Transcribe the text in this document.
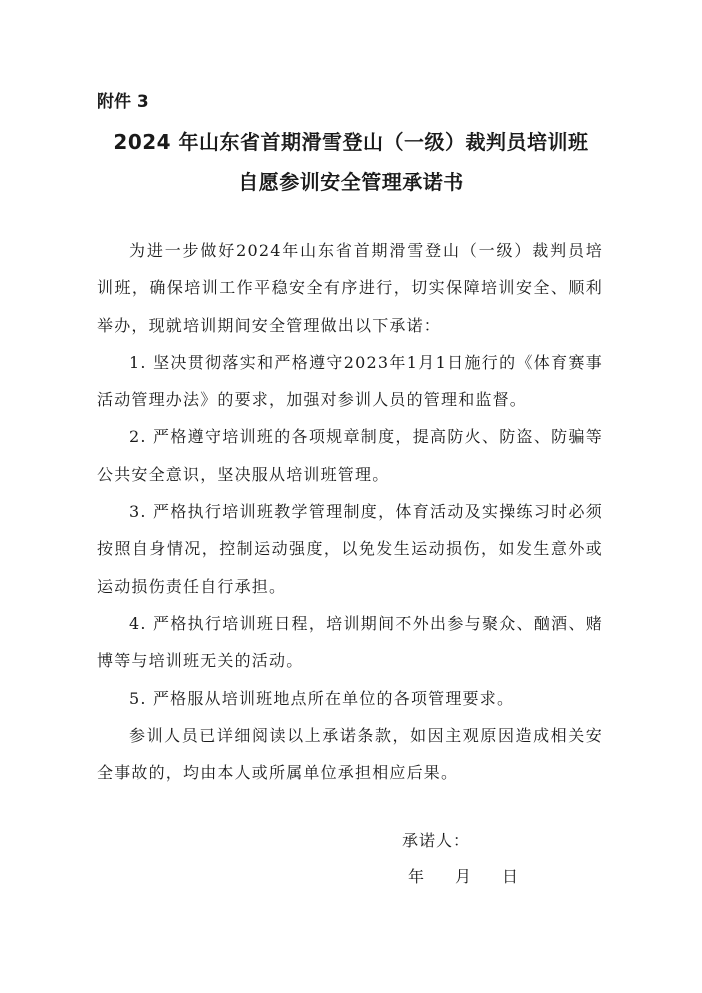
附件 3
2024 年山东省首期滑雪登山（一级）裁判员培训班
自愿参训安全管理承诺书

为进一步做好2024年山东省首期滑雪登山（一级）裁判员培训班，确保培训工作平稳安全有序进行，切实保障培训安全、顺利举办，现就培训期间安全管理做出以下承诺：

1. 坚决贯彻落实和严格遵守2023年1月1日施行的《体育赛事活动管理办法》的要求，加强对参训人员的管理和监督。

2. 严格遵守培训班的各项规章制度，提高防火、防盗、防骗等公共安全意识，坚决服从培训班管理。

3. 严格执行培训班教学管理制度，体育活动及实操练习时必须按照自身情况，控制运动强度，以免发生运动损伤，如发生意外或运动损伤责任自行承担。

4. 严格执行培训班日程，培训期间不外出参与聚众、酗酒、赌博等与培训班无关的活动。

5. 严格服从培训班地点所在单位的各项管理要求。

参训人员已详细阅读以上承诺条款，如因主观原因造成相关安全事故的，均由本人或所属单位承担相应后果。

承诺人：
年 月 日
